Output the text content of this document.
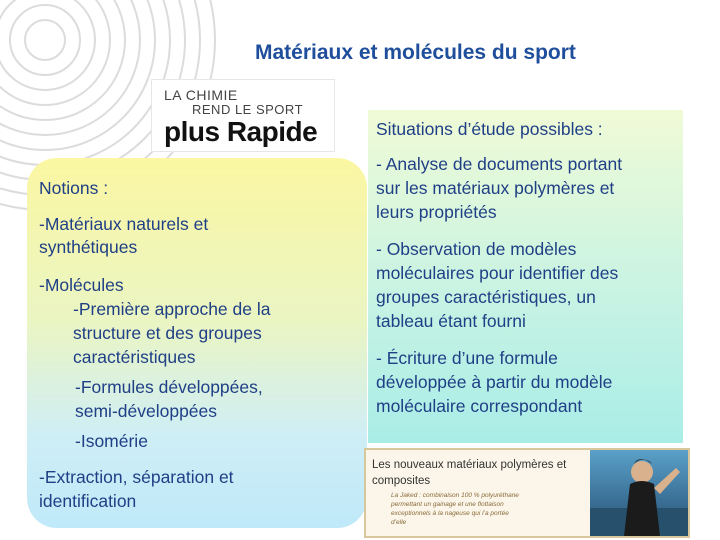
Matériaux et molécules du sport
LA CHIMIE
REND LE SPORT
plus Rapide
Notions :
-Matériaux naturels et
synthétiques
-Molécules
-Première approche de la
structure et des groupes
caractéristiques
-Formules développées,
semi-développées
-Isomérie
-Extraction, séparation et
identification
Situations d’étude possibles :
- Analyse de documents portant
sur les matériaux polymères et
leurs propriétés
- Observation de modèles
moléculaires pour identifier des
groupes caractéristiques, un
tableau étant fourni
- Écriture d’une formule
développée à partir du modèle
moléculaire correspondant
Les nouveaux matériaux polymères et
composites
La Jaked : combinaison 100 % polyuréthane
permettant un gainage et une flottaison
exceptionnels à la nageuse qui l’a portée
d’elle
